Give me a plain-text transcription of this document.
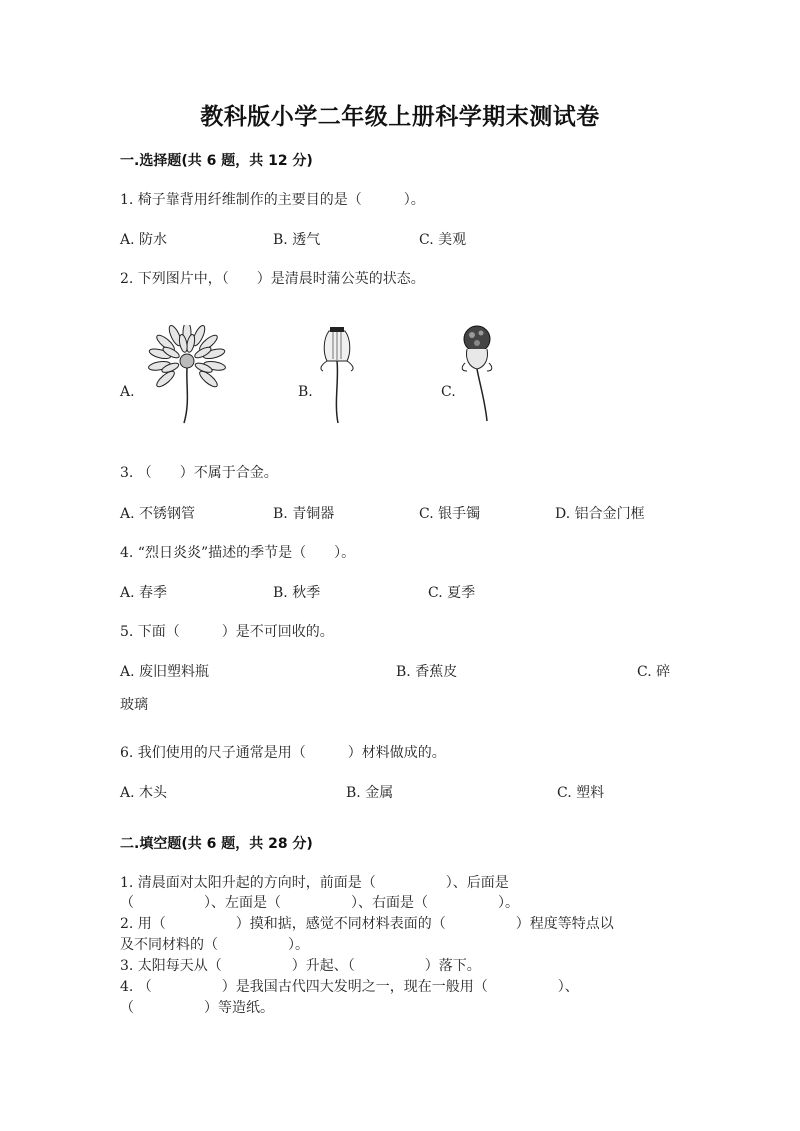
教科版小学二年级上册科学期末测试卷
一.选择题(共 6 题，共 12 分)
1. 椅子靠背用纤维制作的主要目的是（　　　）。
A. 防水	B. 透气	C. 美观
2. 下列图片中，（　　）是清晨时蒲公英的状态。
A.	B.	C.
3. （　　）不属于合金。
A. 不锈钢管	B. 青铜器	C. 银手镯	D. 铝合金门框
4. “烈日炎炎”描述的季节是（　　）。
A. 春季	B. 秋季	C. 夏季
5. 下面（　　　）是不可回收的。
A. 废旧塑料瓶	B. 香蕉皮	C. 碎
玻璃
6. 我们使用的尺子通常是用（　　　）材料做成的。
A. 木头	B. 金属	C. 塑料
二.填空题(共 6 题，共 28 分)
1. 清晨面对太阳升起的方向时，前面是（　　　　　）、后面是
（　　　　　）、左面是（　　　　　）、右面是（　　　　　）。
2. 用（　　　　　）摸和掂，感觉不同材料表面的（　　　　　）程度等特点以
及不同材料的（　　　　　）。
3. 太阳每天从（　　　　　）升起、（　　　　　）落下。
4. （　　　　　）是我国古代四大发明之一，现在一般用（　　　　　）、
（　　　　　）等造纸。
